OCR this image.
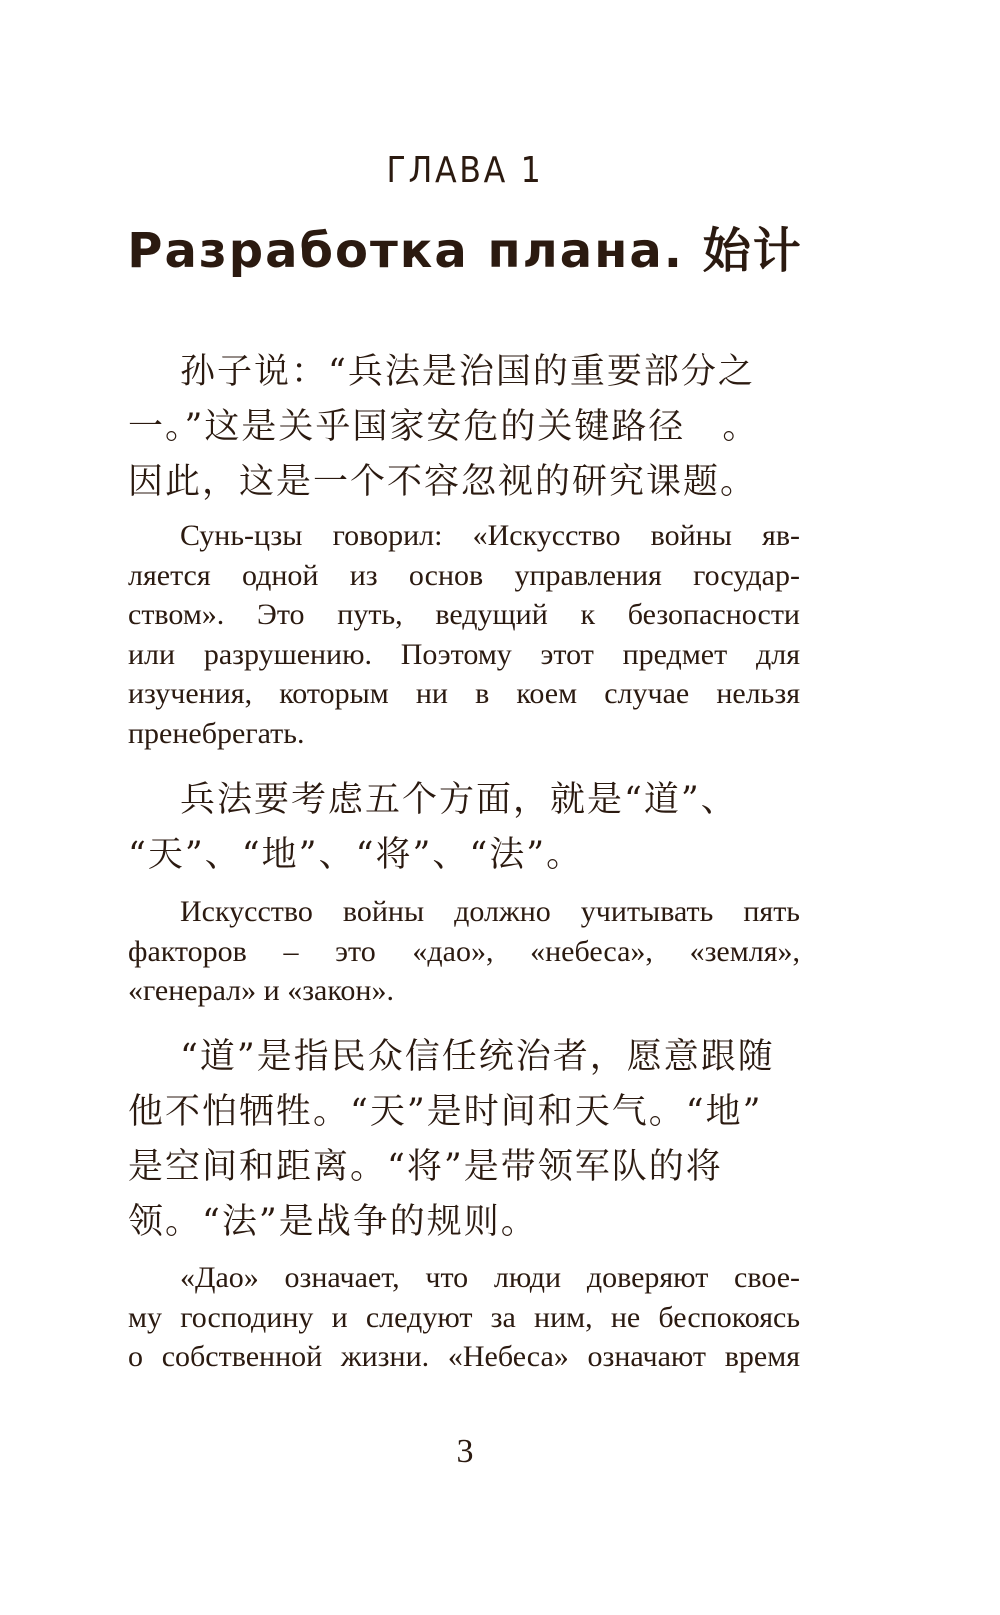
ГЛАВА 1
Разработка плана. 始计
孙子说：“兵法是治国的重要部分之
一。”这是关乎国家安危的关键路径　。
因此，这是一个不容忽视的研究课题。
Сунь-цзы говорил: «Искусство войны яв-
ляется одной из основ управления государ-
ством». Это путь, ведущий к безопасности
или разрушению. Поэтому этот предмет для
изучения, которым ни в коем случае нельзя
пренебрегать.
兵法要考虑五个方面，就是“道”、
“天”、“地”、“将”、“法”。
Искусство войны должно учитывать пять
факторов – это «дао», «небеса», «земля»,
«генерал» и «закон».
“道”是指民众信任统治者，愿意跟随
他不怕牺牲。“天”是时间和天气。“地”
是空间和距离。“将”是带领军队的将
领。“法”是战争的规则。
«Дао» означает, что люди доверяют свое-
му господину и следуют за ним, не беспокоясь
о собственной жизни. «Небеса» означают время
3
